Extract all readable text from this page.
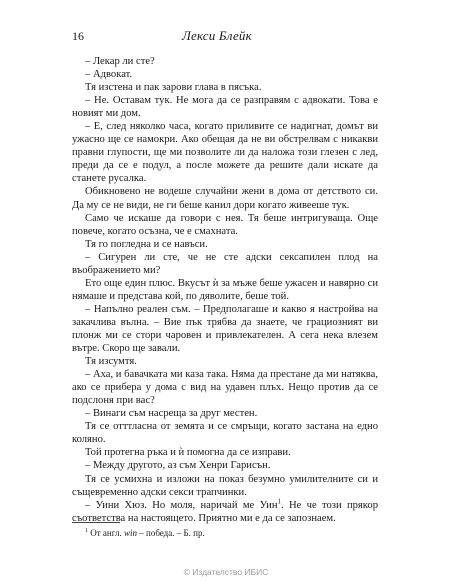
16	Лекси Блейк

– Лекар ли сте?

– Адвокат.

Тя изстена и пак зарови глава в пясъка.

– Не. Оставам тук. Не мога да се разправям с адвокати. Това е новият ми дом.

– Е, след няколко часа, когато приливите се надигнат, домът ви ужасно ще се намокри. Ако обещая да не ви обстрелвам с никакви правни глупости, ще ми позволите ли да наложа този глезен с лед, преди да се е подул, а после можете да решите дали искате да станете русалка.

Обикновено не водеше случайни жени в дома от детството си. Да му се не види, не ги беше канил дори когато живееше тук.

Само че искаше да говори с нея. Тя беше интригуваща. Още повече, когато осъзна, че е смахната.

Тя го погледна и се навъси.

– Сигурен ли сте, че не сте адски сексапилен плод на въображението ми?

Ето още един плюс. Вкусът ѝ за мъже беше ужасен и навярно си нямаше и представа кой, по дяволите, беше той.

– Напълно реален съм. – Предполагаше и какво я настройва на закачлива вълна. – Вие пък трябва да знаете, че грациозният ви плонж ми се стори чаровен и привлекателен. А сега нека влезем вътре. Скоро ще завали.

Тя изсумтя.

– Аха, и бавачката ми каза така. Няма да престане да ми натяква, ако се прибера у дома с вид на удавен плъх. Нещо против да се подслоня при вас?

– Винаги съм насреща за друг местен.

Тя се отттласна от земята и се смръщи, когато застана на едно коляно.

Той протегна ръка и ѝ помогна да се изправи.

– Между другото, аз съм Хенри Гарисън.

Тя се усмихна и изложи на показ безумно умилителните си и същевременно адски секси трапчинки.

– Уини Хюз. Но моля, наричай ме Уин$^1$. Не че този прякор съответства на настоящето. Приятно ми е да се запознаем.

$^1$ От англ. win – победа. – Б. пр.
© Издателство ИБИС
